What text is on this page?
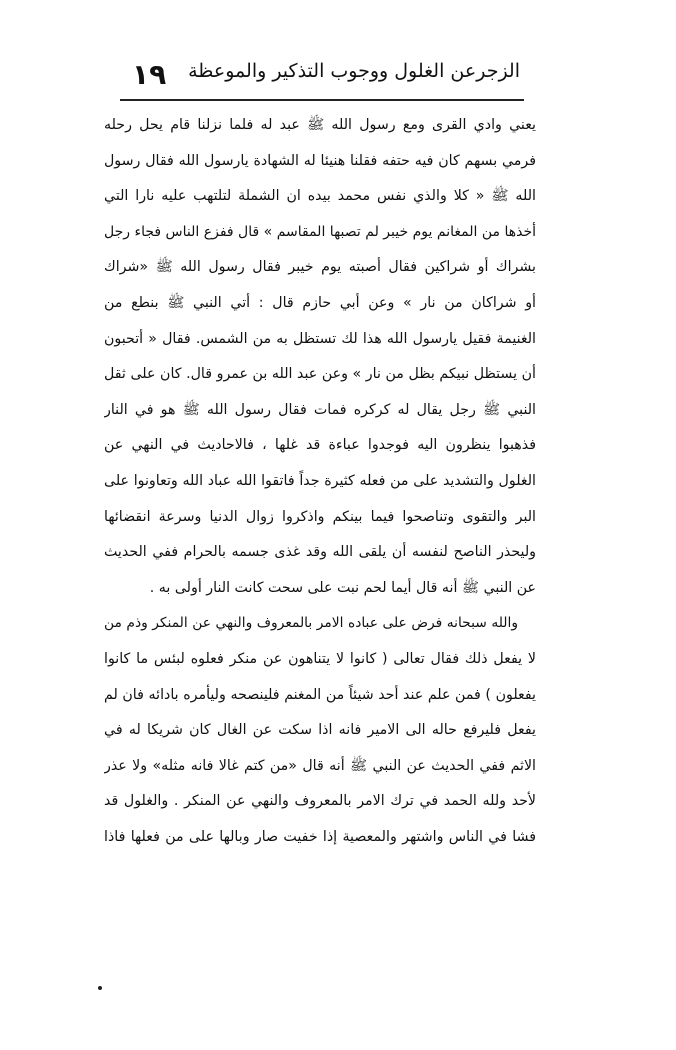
الزجرعن الغلول ووجوب التذكير والموعظة
١٩
يعني وادي القرى ومع رسول الله ﷺ عبد له فلما نزلنا قام يحل رحله
فرمي بسهم كان فيه حتفه فقلنا هنيئا له الشهادة يارسول الله فقال رسول
الله ﷺ « كلا والذي نفس محمد بيده ان الشملة لتلتهب عليه نارا التي
أخذها من المغانم يوم خيبر لم تصبها المقاسم » قال ففزع الناس فجاء رجل
بشراك أو شراكين فقال أصبته يوم خيبر فقال رسول الله ﷺ «شراك
أو شراكان من نار » وعن أبي حازم قال : أتي النبي ﷺ بنطع من
الغنيمة فقيل يارسول الله هذا لك تستظل به من الشمس. فقال « أتحبون
أن يستظل نبيكم بظل من نار » وعن عبد الله بن عمرو قال. كان على ثقل
النبي ﷺ رجل يقال له كركره فمات فقال رسول الله ﷺ هو في النار
فذهبوا ينظرون اليه فوجدوا عباءة قد غلها ، فالاحاديث في النهي عن
الغلول والتشديد على من فعله كثيرة جداً فاتقوا الله عباد الله وتعاونوا على
البر والتقوى وتناصحوا فيما بينكم واذكروا زوال الدنيا وسرعة انقضائها
وليحذر الناصح لنفسه أن يلقى الله وقد غذى جسمه بالحرام ففي الحديث
عن النبي ﷺ أنه قال أيما لحم نبت على سحت كانت النار أولى به .
والله سبحانه فرض على عباده الامر بالمعروف والنهي عن المنكر وذم من
لا يفعل ذلك فقال تعالى ( كانوا لا يتناهون عن منكر فعلوه لبئس ما كانوا
يفعلون ) فمن علم عند أحد شيئاً من المغنم فلينصحه وليأمره بادائه فان لم
يفعل فليرفع حاله الى الامير فانه اذا سكت عن الغال كان شريكا له في
الاثم ففي الحديث عن النبي ﷺ أنه قال «من كتم غالا فانه مثله» ولا عذر
لأحد ولله الحمد في ترك الامر بالمعروف والنهي عن المنكر . والغلول قد
فشا في الناس واشتهر والمعصية إذا خفيت صار وبالها على من فعلها فاذا
